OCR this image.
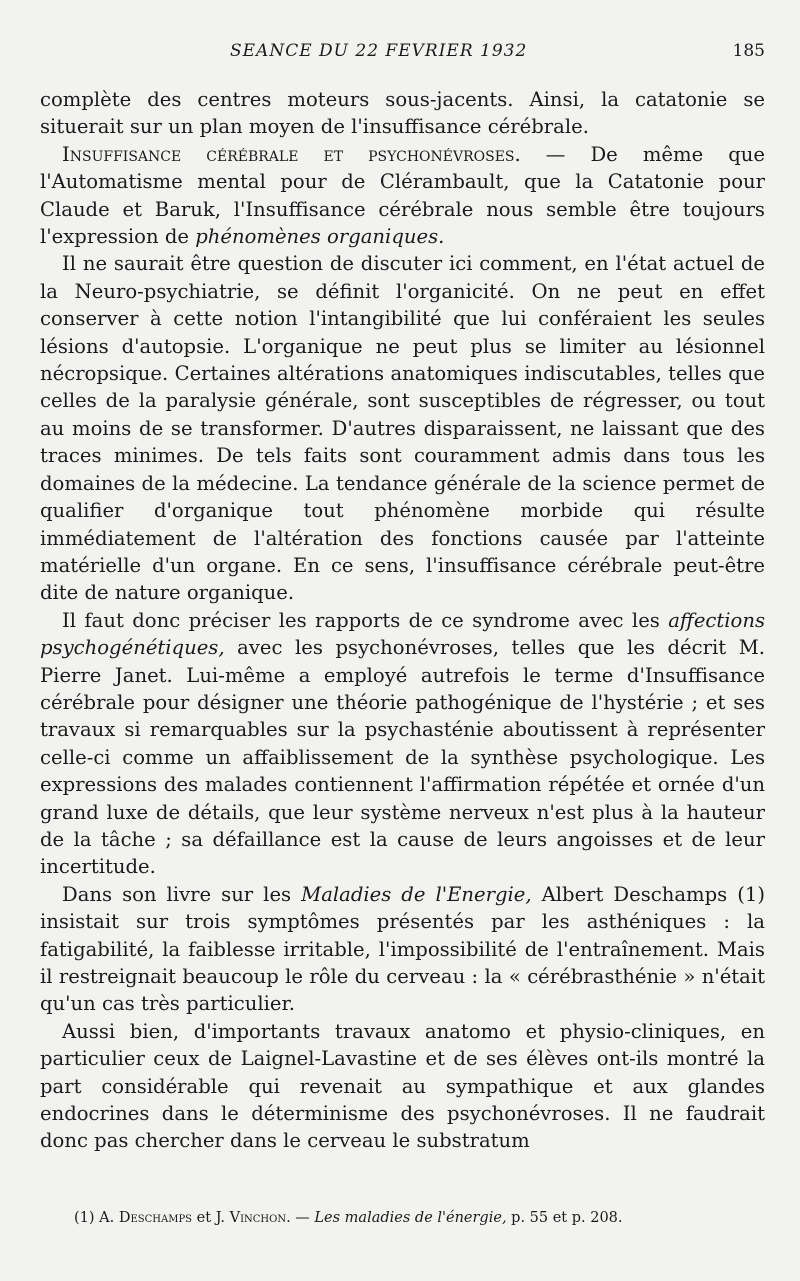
SEANCE DU 22 FEVRIER 1932	185

complète des centres moteurs sous-jacents. Ainsi, la catatonie se situerait sur un plan moyen de l'insuffisance cérébrale.

Insuffisance cérébrale et psychonévroses. — De même que l'Automatisme mental pour de Clérambault, que la Catatonie pour Claude et Baruk, l'Insuffisance cérébrale nous semble être toujours l'expression de phénomènes organiques.

Il ne saurait être question de discuter ici comment, en l'état actuel de la Neuro-psychiatrie, se définit l'organicité. On ne peut en effet conserver à cette notion l'intangibilité que lui conféraient les seules lésions d'autopsie. L'organique ne peut plus se limiter au lésionnel nécropsique. Certaines altérations anatomiques indiscutables, telles que celles de la paralysie générale, sont susceptibles de régresser, ou tout au moins de se transformer. D'autres disparaissent, ne laissant que des traces minimes. De tels faits sont couramment admis dans tous les domaines de la médecine. La tendance générale de la science permet de qualifier d'organique tout phénomène morbide qui résulte immédiatement de l'altération des fonctions causée par l'atteinte matérielle d'un organe. En ce sens, l'insuffisance cérébrale peut-être dite de nature organique.

Il faut donc préciser les rapports de ce syndrome avec les affections psychogénétiques, avec les psychonévroses, telles que les décrit M. Pierre Janet. Lui-même a employé autrefois le terme d'Insuffisance cérébrale pour désigner une théorie pathogénique de l'hystérie ; et ses travaux si remarquables sur la psychasténie aboutissent à représenter celle-ci comme un affaiblissement de la synthèse psychologique. Les expressions des malades contiennent l'affirmation répétée et ornée d'un grand luxe de détails, que leur système nerveux n'est plus à la hauteur de la tâche ; sa défaillance est la cause de leurs angoisses et de leur incertitude.

Dans son livre sur les Maladies de l'Energie, Albert Deschamps (1) insistait sur trois symptômes présentés par les asthéniques : la fatigabilité, la faiblesse irritable, l'impossibilité de l'entraînement. Mais il restreignait beaucoup le rôle du cerveau : la « cérébrasthénie » n'était qu'un cas très particulier.

Aussi bien, d'importants travaux anatomo et physio-cliniques, en particulier ceux de Laignel-Lavastine et de ses élèves ont-ils montré la part considérable qui revenait au sympathique et aux glandes endocrines dans le déterminisme des psychonévroses. Il ne faudrait donc pas chercher dans le cerveau le substratum

(1) A. Deschamps et J. Vinchon. — Les maladies de l'énergie, p. 55 et p. 208.
